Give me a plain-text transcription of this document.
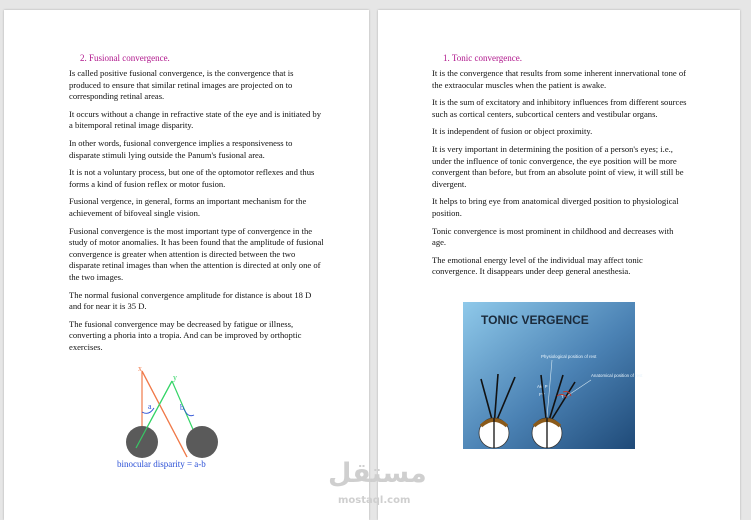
2. Fusional convergence.

Is called positive fusional convergence, is the convergence that is produced to ensure that similar retinal images are projected on to corresponding retinal areas.

It occurs without a change in refractive state of the eye and is initiated by a bitemporal retinal image disparity.

In other words, fusional convergence implies a responsiveness to disparate stimuli lying outside the Panum's fusional area.

It is not a voluntary process, but one of the optomotor reflexes and thus forms a kind of fusion reflex or motor fusion.

Fusional vergence, in general, forms an important mechanism for the achievement of bifoveal single vision.

Fusional convergence is the most important type of convergence in the study of motor anomalies. It has been found that the amplitude of fusional convergence is greater when attention is directed between the two disparate retinal images than when the attention is directed at only one of the two images.

The normal fusional convergence amplitude for distance is about 18 D and for near it is 35 D.

The fusional convergence may be decreased by fatigue or illness, converting a phoria into a tropia. And can be improved by orthoptic exercises.

x
y
a	b
binocular disparity = a-b

1. Tonic convergence.

It is the convergence that results from some inherent innervational tone of the extraocular muscles when the patient is awake.

It is the sum of excitatory and inhibitory influences from different sources such as cortical centers, subcortical centers and vestibular organs.

It is independent of fusion or object proximity.

It is very important in determining the position of a person's eyes; i.e., under the influence of tonic convergence, the eye position will be more convergent than before, but from an absolute point of view, it will still be divergent.

It helps to bring eye from anatomical diverged position to physiological position.

Tonic convergence is most prominent in childhood and decreases with age.

The emotional energy level of the individual may affect tonic convergence. It disappears under deep general anesthesia.

TONIC VERGENCE
Physiological position of rest
Anatomical position of rest
Ak, P
FV	T
مستقل
mostaql.com
